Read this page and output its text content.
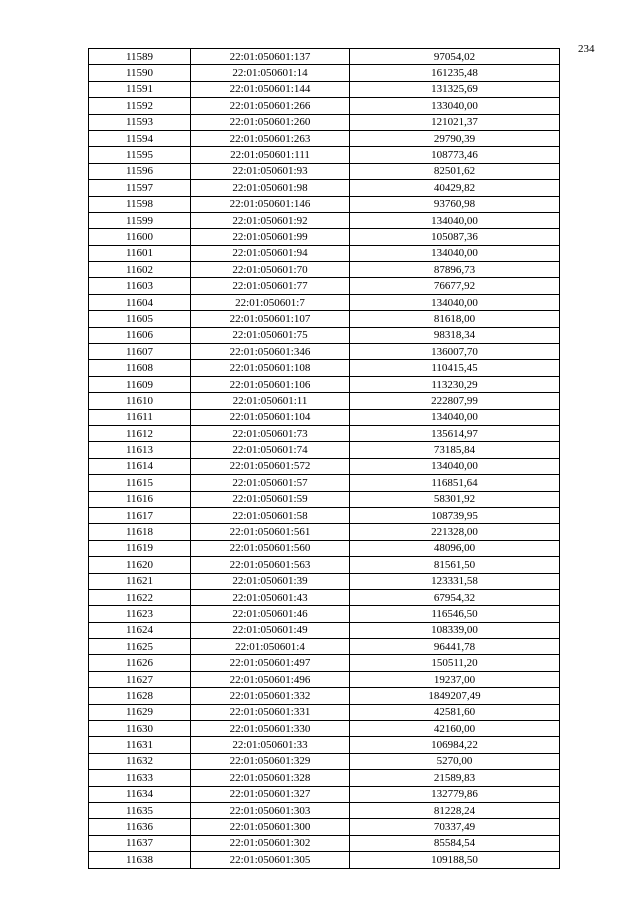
234
11589	22:01:050601:137	97054,02
11590	22:01:050601:14	161235,48
11591	22:01:050601:144	131325,69
11592	22:01:050601:266	133040,00
11593	22:01:050601:260	121021,37
11594	22:01:050601:263	29790,39
11595	22:01:050601:111	108773,46
11596	22:01:050601:93	82501,62
11597	22:01:050601:98	40429,82
11598	22:01:050601:146	93760,98
11599	22:01:050601:92	134040,00
11600	22:01:050601:99	105087,36
11601	22:01:050601:94	134040,00
11602	22:01:050601:70	87896,73
11603	22:01:050601:77	76677,92
11604	22:01:050601:7	134040,00
11605	22:01:050601:107	81618,00
11606	22:01:050601:75	98318,34
11607	22:01:050601:346	136007,70
11608	22:01:050601:108	110415,45
11609	22:01:050601:106	113230,29
11610	22:01:050601:11	222807,99
11611	22:01:050601:104	134040,00
11612	22:01:050601:73	135614,97
11613	22:01:050601:74	73185,84
11614	22:01:050601:572	134040,00
11615	22:01:050601:57	116851,64
11616	22:01:050601:59	58301,92
11617	22:01:050601:58	108739,95
11618	22:01:050601:561	221328,00
11619	22:01:050601:560	48096,00
11620	22:01:050601:563	81561,50
11621	22:01:050601:39	123331,58
11622	22:01:050601:43	67954,32
11623	22:01:050601:46	116546,50
11624	22:01:050601:49	108339,00
11625	22:01:050601:4	96441,78
11626	22:01:050601:497	150511,20
11627	22:01:050601:496	19237,00
11628	22:01:050601:332	1849207,49
11629	22:01:050601:331	42581,60
11630	22:01:050601:330	42160,00
11631	22:01:050601:33	106984,22
11632	22:01:050601:329	5270,00
11633	22:01:050601:328	21589,83
11634	22:01:050601:327	132779,86
11635	22:01:050601:303	81228,24
11636	22:01:050601:300	70337,49
11637	22:01:050601:302	85584,54
11638	22:01:050601:305	109188,50
